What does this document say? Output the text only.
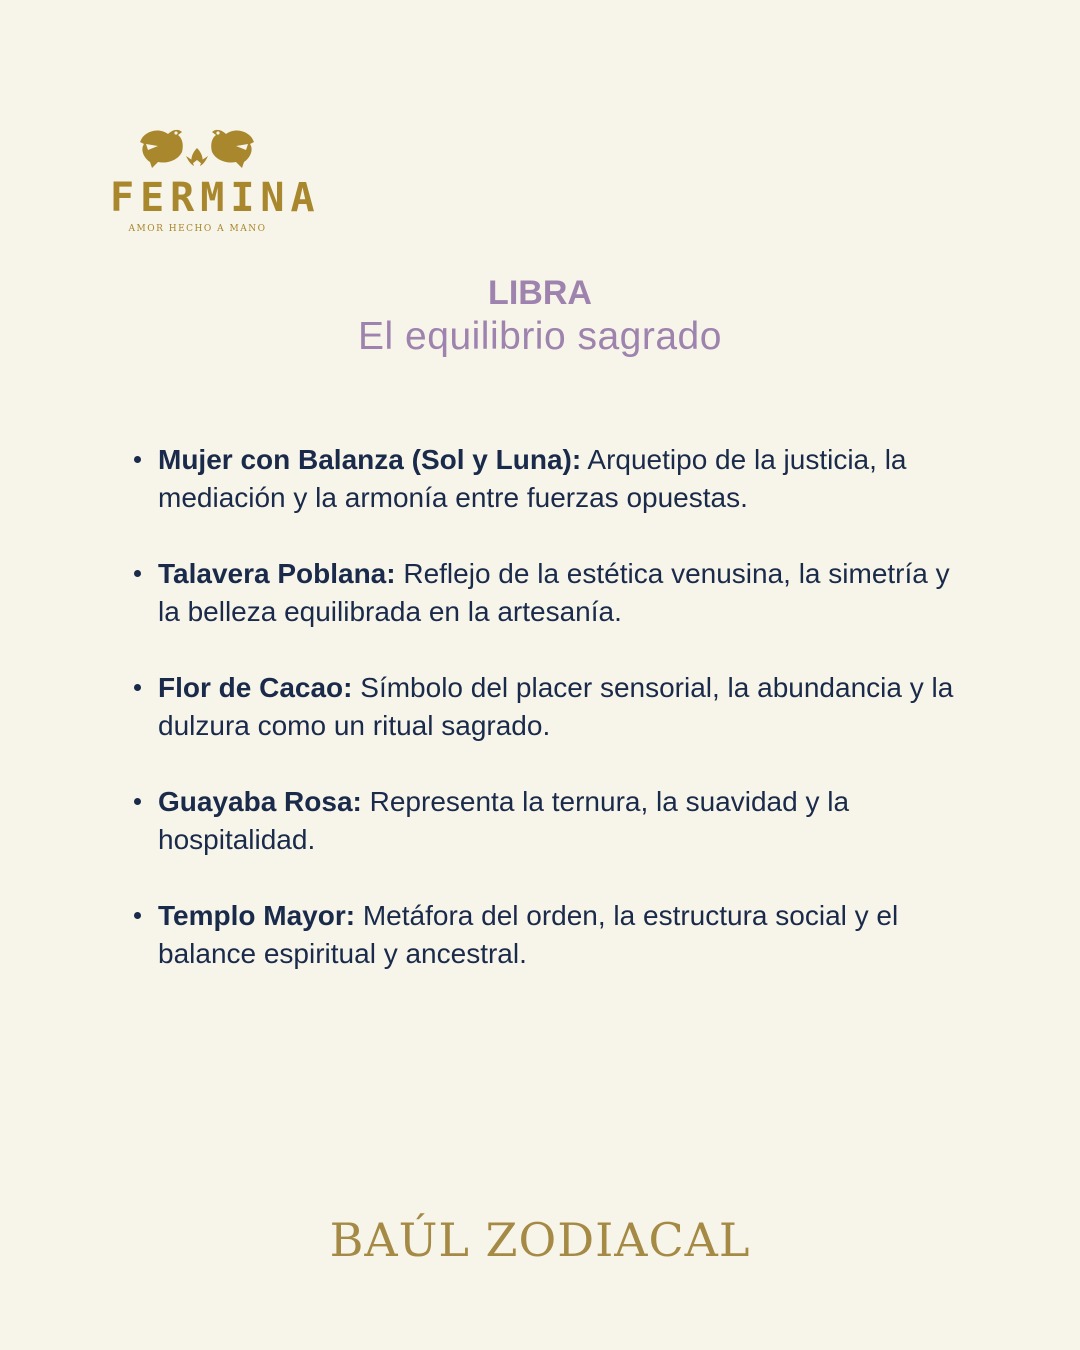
FERMINA
AMOR HECHO A MANO
LIBRA
El equilibrio sagrado
Mujer con Balanza (Sol y Luna): Arquetipo de la justicia, la mediación y la armonía entre fuerzas opuestas.
Talavera Poblana: Reflejo de la estética venusina, la simetría y la belleza equilibrada en la artesanía.
Flor de Cacao: Símbolo del placer sensorial, la abundancia y la dulzura como un ritual sagrado.
Guayaba Rosa: Representa la ternura, la suavidad y la hospitalidad.
Templo Mayor: Metáfora del orden, la estructura social y el balance espiritual y ancestral.
BAÚL ZODIACAL
